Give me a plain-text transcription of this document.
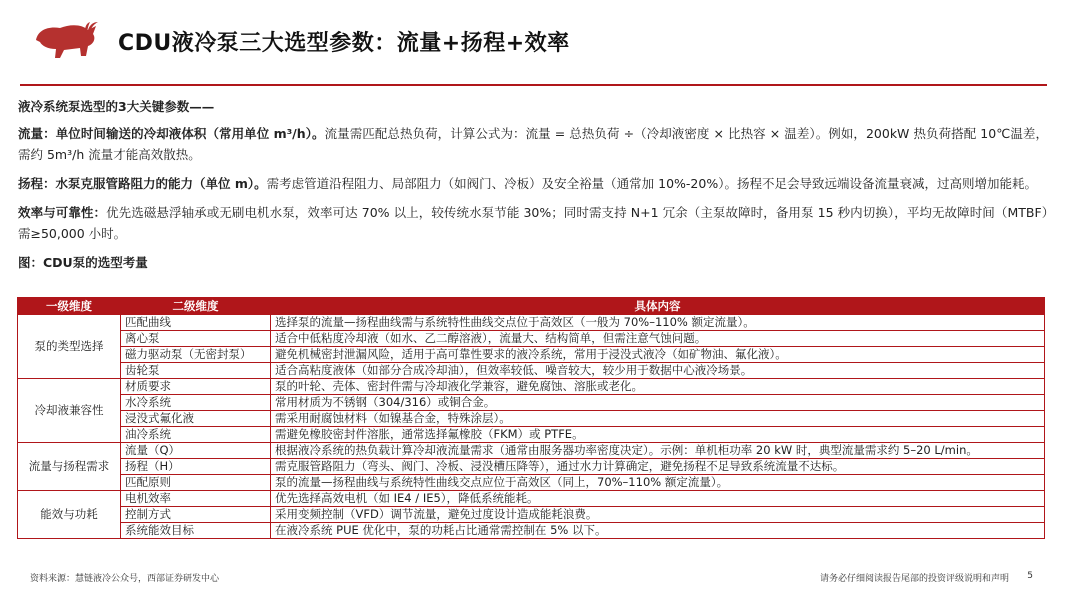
CDU液冷泵三大选型参数：流量+扬程+效率
液冷系统泵选型的3大关键参数——

流量：单位时间输送的冷却液体积（常用单位 m³/h）。流量需匹配总热负荷，计算公式为：流量 = 总热负荷 ÷（冷却液密度 × 比热容 × 温差）。例如，200kW 热负荷搭配 10℃温差，需约 5m³/h 流量才能高效散热。

扬程：水泵克服管路阻力的能力（单位 m）。需考虑管道沿程阻力、局部阻力（如阀门、冷板）及安全裕量（通常加 10%-20%）。扬程不足会导致远端设备流量衰减，过高则增加能耗。

效率与可靠性：优先选磁悬浮轴承或无刷电机水泵，效率可达 70% 以上，较传统水泵节能 30%；同时需支持 N+1 冗余（主泵故障时，备用泵 15 秒内切换），平均无故障时间（MTBF）需≥50,000 小时。

图：CDU泵的选型考量
一级维度	二级维度	具体内容
泵的类型选择	匹配曲线	选择泵的流量—扬程曲线需与系统特性曲线交点位于高效区（一般为 70%–110% 额定流量）。
	离心泵	适合中低粘度冷却液（如水、乙二醇溶液），流量大、结构简单，但需注意气蚀问题。
	磁力驱动泵（无密封泵）	避免机械密封泄漏风险，适用于高可靠性要求的液冷系统，常用于浸没式液冷（如矿物油、氟化液）。
	齿轮泵	适合高粘度液体（如部分合成冷却油），但效率较低、噪音较大，较少用于数据中心液冷场景。
冷却液兼容性	材质要求	泵的叶轮、壳体、密封件需与冷却液化学兼容，避免腐蚀、溶胀或老化。
	水冷系统	常用材质为不锈钢（304/316）或铜合金。
	浸没式氟化液	需采用耐腐蚀材料（如镍基合金，特殊涂层）。
	油冷系统	需避免橡胶密封件溶胀，通常选择氟橡胶（FKM）或 PTFE。
流量与扬程需求	流量（Q）	根据液冷系统的热负载计算冷却液流量需求（通常由服务器功率密度决定）。示例：单机柜功率 20 kW 时，典型流量需求约 5–20 L/min。
	扬程（H）	需克服管路阻力（弯头、阀门、冷板、浸没槽压降等），通过水力计算确定，避免扬程不足导致系统流量不达标。
	匹配原则	泵的流量—扬程曲线与系统特性曲线交点应位于高效区（同上，70%–110% 额定流量）。
能效与功耗	电机效率	优先选择高效电机（如 IE4 / IE5），降低系统能耗。
	控制方式	采用变频控制（VFD）调节流量，避免过度设计造成能耗浪费。
	系统能效目标	在液冷系统 PUE 优化中，泵的功耗占比通常需控制在 5% 以下。
资料来源：慧链液冷公众号，西部证券研发中心	请务必仔细阅读报告尾部的投资评级说明和声明 5
